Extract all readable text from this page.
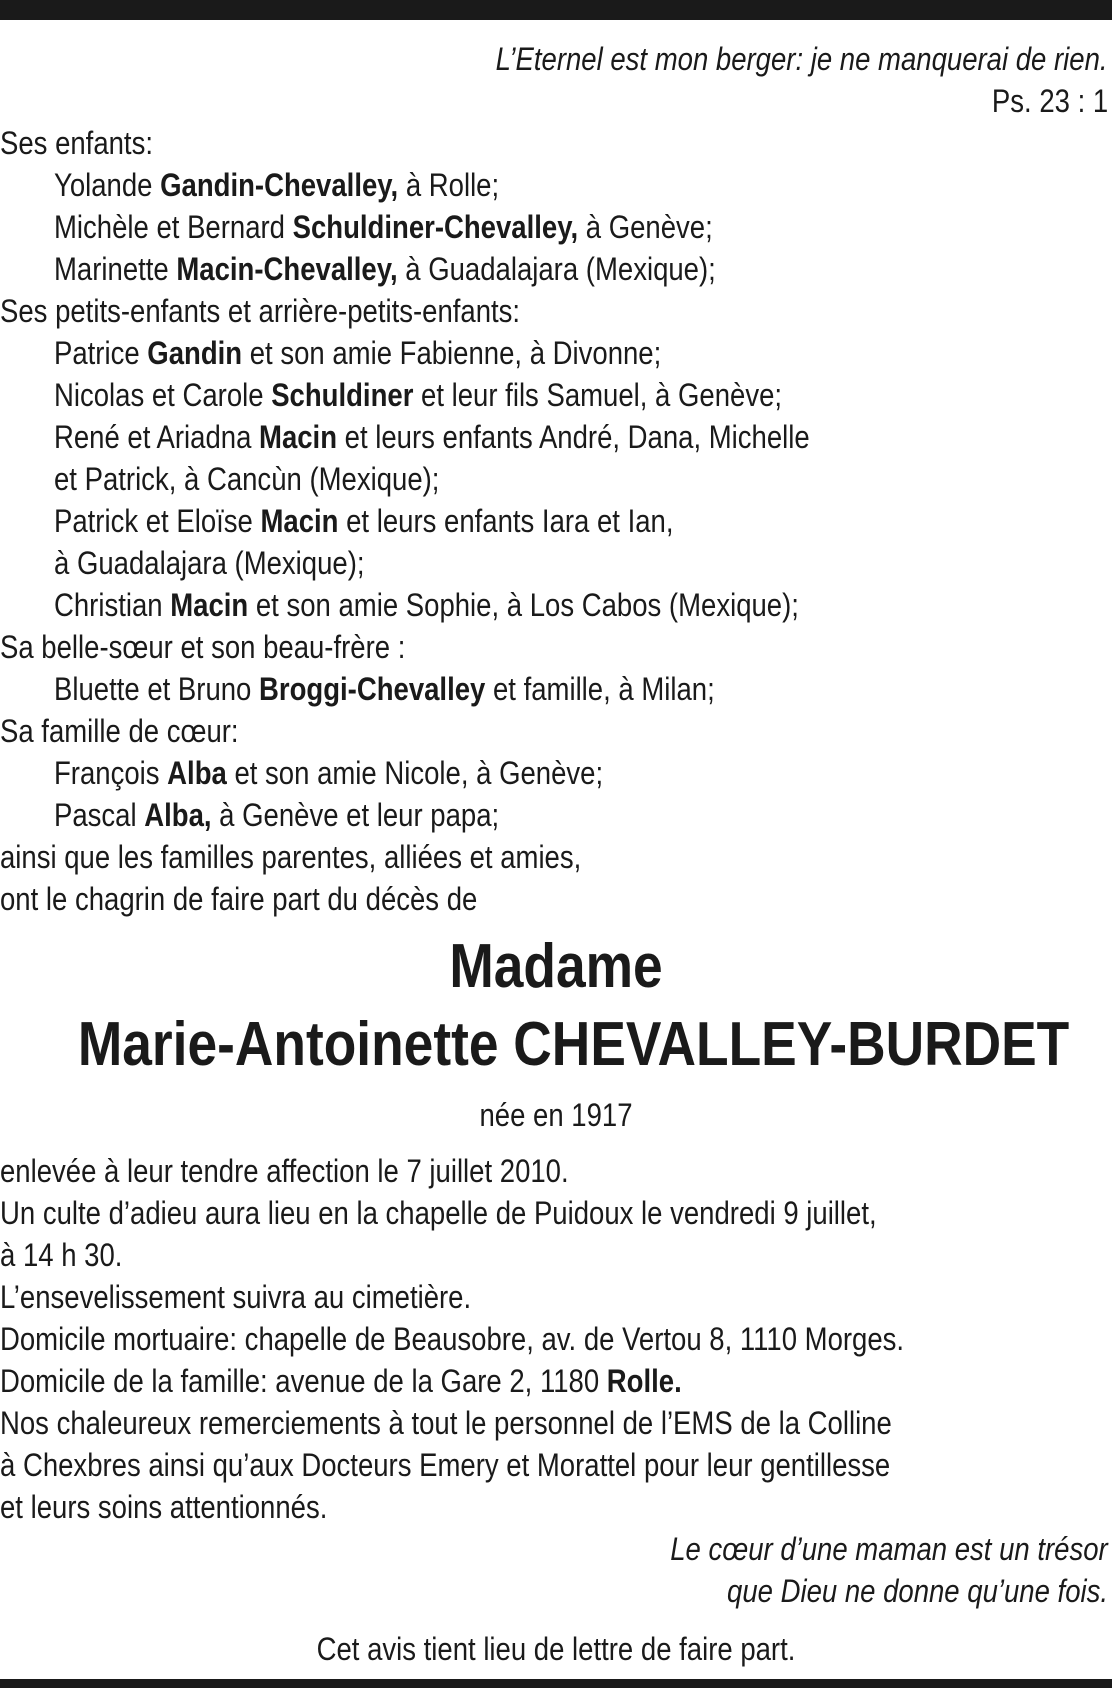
L’Eternel est mon berger: je ne manquerai de rien.
Ps. 23 : 1
Ses enfants:
Yolande Gandin-Chevalley, à Rolle;
Michèle et Bernard Schuldiner-Chevalley, à Genève;
Marinette Macin-Chevalley, à Guadalajara (Mexique);
Ses petits-enfants et arrière-petits-enfants:
Patrice Gandin et son amie Fabienne, à Divonne;
Nicolas et Carole Schuldiner et leur fils Samuel, à Genève;
René et Ariadna Macin et leurs enfants André, Dana, Michelle
et Patrick, à Cancùn (Mexique);
Patrick et Eloïse Macin et leurs enfants Iara et Ian,
à Guadalajara (Mexique);
Christian Macin et son amie Sophie, à Los Cabos (Mexique);
Sa belle-sœur et son beau-frère :
Bluette et Bruno Broggi-Chevalley et famille, à Milan;
Sa famille de cœur:
François Alba et son amie Nicole, à Genève;
Pascal Alba, à Genève et leur papa;
ainsi que les familles parentes, alliées et amies,
ont le chagrin de faire part du décès de
Madame
Marie-Antoinette CHEVALLEY-BURDET
née en 1917
enlevée à leur tendre affection le 7 juillet 2010.
Un culte d’adieu aura lieu en la chapelle de Puidoux le vendredi 9 juillet,
à 14 h 30.
L’ensevelissement suivra au cimetière.
Domicile mortuaire: chapelle de Beausobre, av. de Vertou 8, 1110 Morges.
Domicile de la famille: avenue de la Gare 2, 1180 Rolle.
Nos chaleureux remerciements à tout le personnel de l’EMS de la Colline
à Chexbres ainsi qu’aux Docteurs Emery et Morattel pour leur gentillesse
et leurs soins attentionnés.
Le cœur d’une maman est un trésor
que Dieu ne donne qu’une fois.
Cet avis tient lieu de lettre de faire part.
